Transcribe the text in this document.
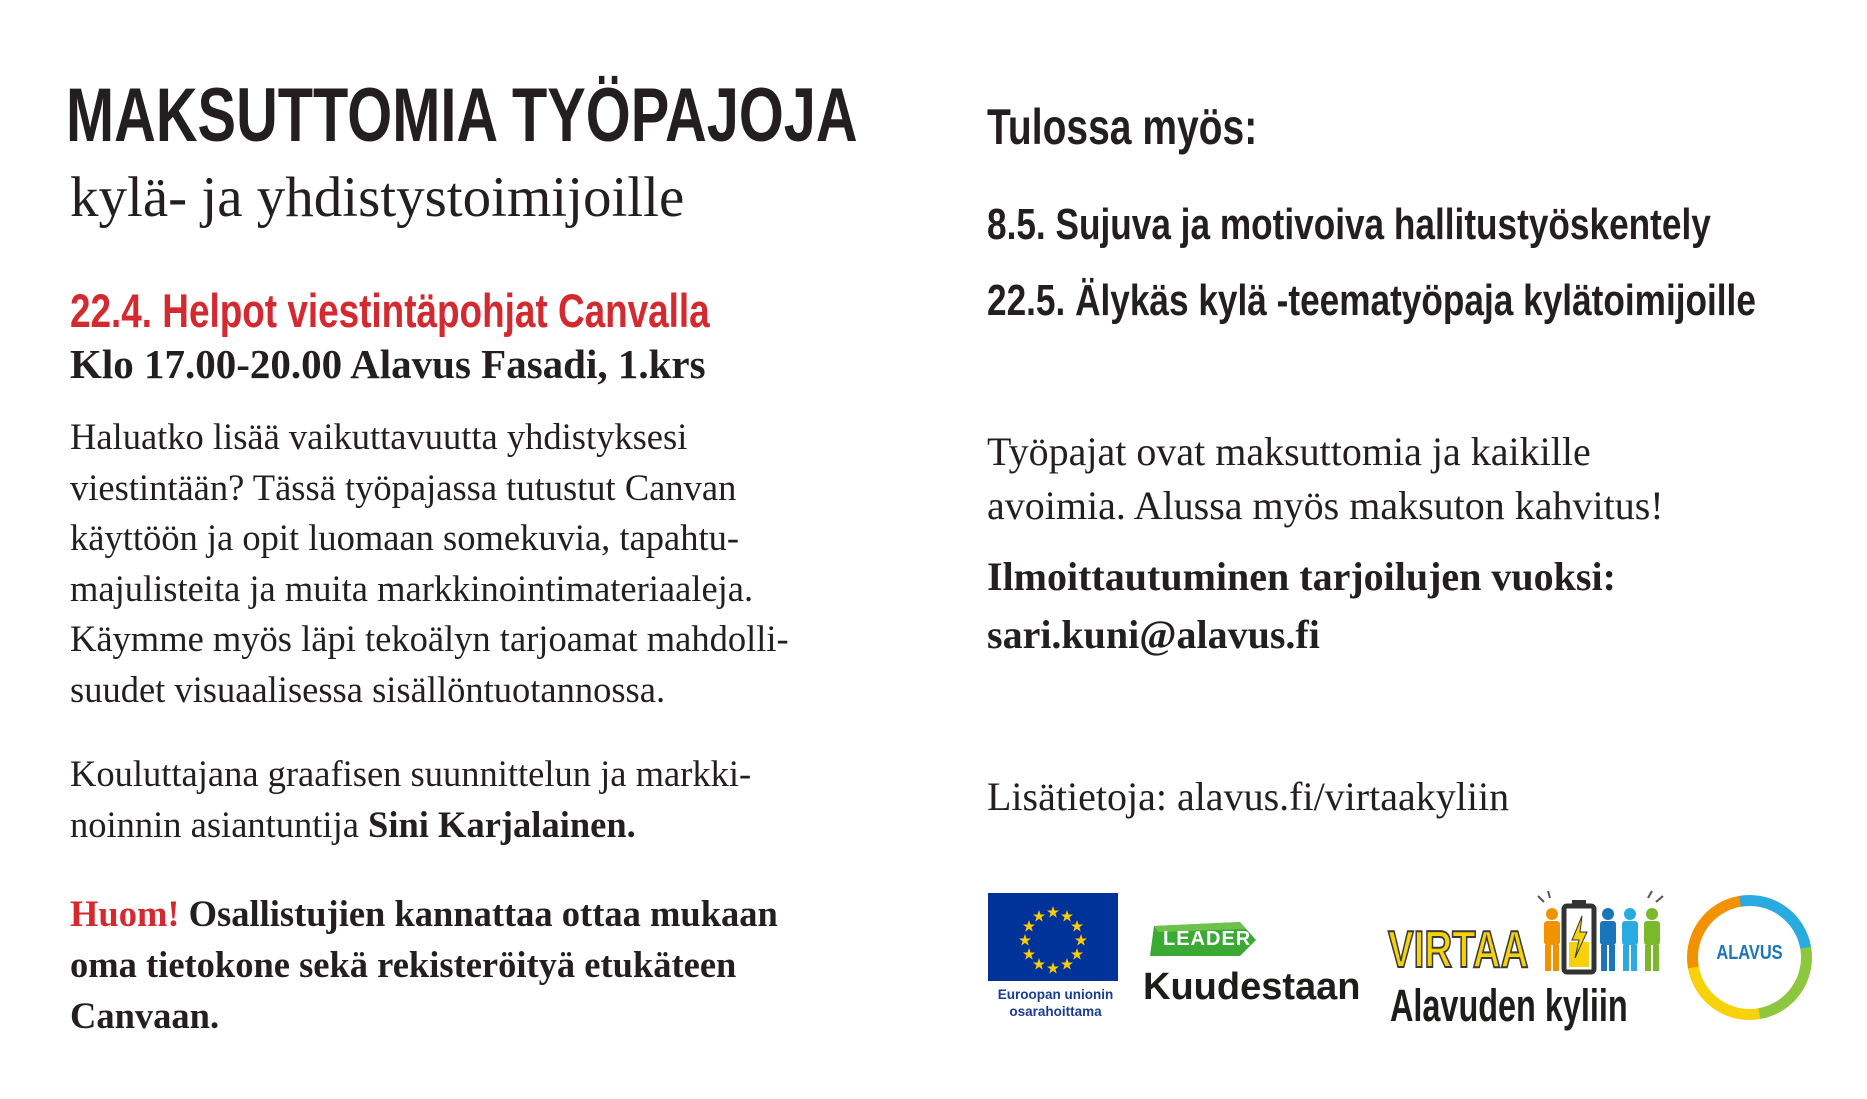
MAKSUTTOMIA TYÖPAJOJA
kylä- ja yhdistystoimijoille
22.4. Helpot viestintäpohjat Canvalla
Klo 17.00-20.00 Alavus Fasadi, 1.krs
Haluatko lisää vaikuttavuutta yhdistyksesi
viestintään? Tässä työpajassa tutustut Canvan
käyttöön ja opit luomaan somekuvia, tapahtu-
majulisteita ja muita markkinointimateriaaleja.
Käymme myös läpi tekoälyn tarjoamat mahdolli-
suudet visuaalisessa sisällöntuotannossa.
Kouluttajana graafisen suunnittelun ja markki-
noinnin asiantuntija Sini Karjalainen.
Huom! Osallistujien kannattaa ottaa mukaan
oma tietokone sekä rekisteröityä etukäteen
Canvaan.
Tulossa myös:
8.5. Sujuva ja motivoiva hallitustyöskentely
22.5. Älykäs kylä -teematyöpaja kylätoimijoille
Työpajat ovat maksuttomia ja kaikille
avoimia. Alussa myös maksuton kahvitus!
Ilmoittautuminen tarjoilujen vuoksi:
sari.kuni@alavus.fi
Lisätietoja: alavus.fi/virtaakyliin
Euroopan unionin
osarahoittama
LEADER
Kuudestaan
VIRTAA
Alavuden kyliin
ALAVUS
